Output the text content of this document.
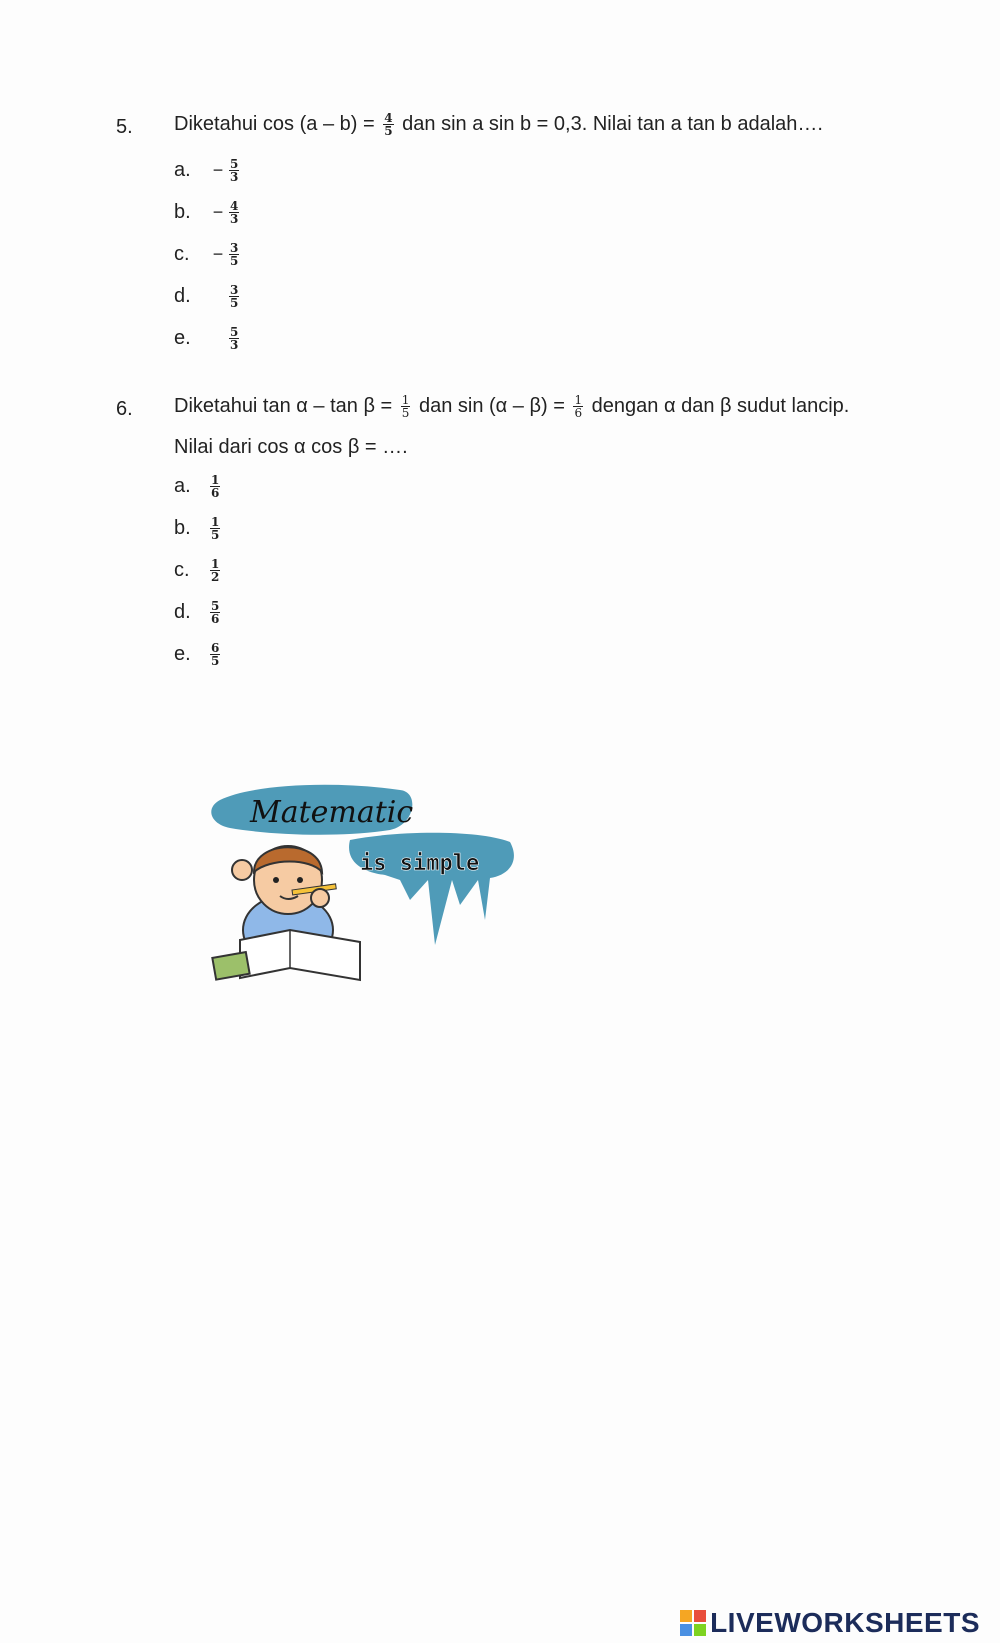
5. Diketahui $\cos (a - b) = \frac{4}{5}$ dan sin a sin b = 0,3. Nilai tan a tan b adalah….
a.	− $\frac{5}{3}$
b.	− $\frac{4}{3}$
c.	− $\frac{3}{5}$
d.	$\frac{3}{5}$
e.	$\frac{5}{3}$
6. Diketahui $\tan \alpha - \tan \beta = \frac{1}{5}$ dan $\sin (\alpha - \beta) = \frac{1}{6}$ dengan α dan β sudut lancip.
Nilai dari cos α cos β = ….
a.	$\frac{1}{6}$
b.	$\frac{1}{5}$
c.	$\frac{1}{2}$
d.	$\frac{5}{6}$
e.	$\frac{6}{5}$
Matematic
is simple
LIVEWORKSHEETS
